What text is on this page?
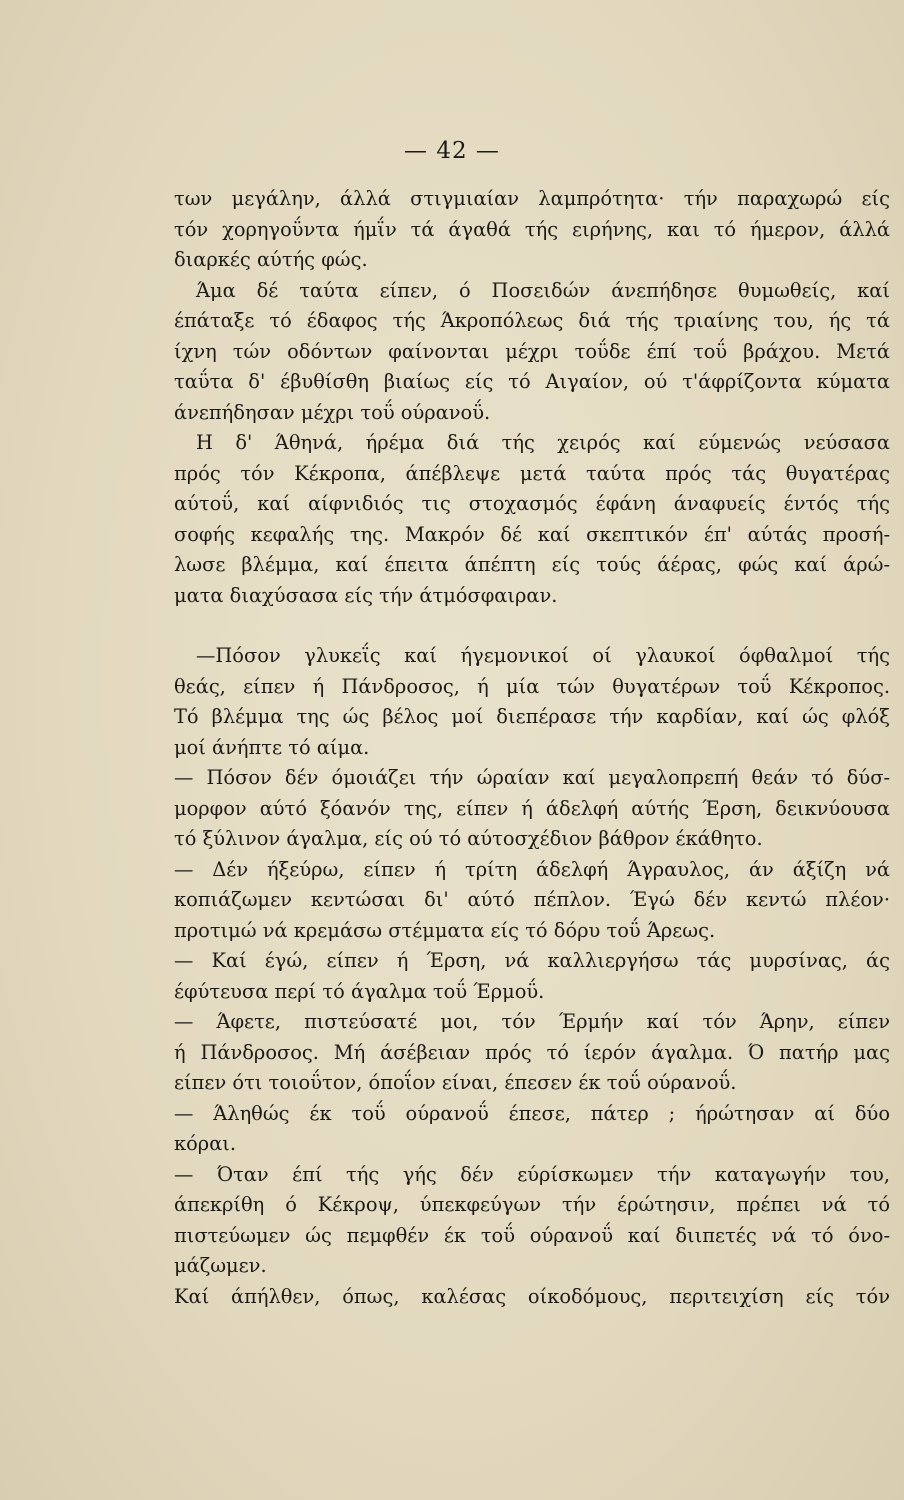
— 42 —
των μεγάλην, άλλά στιγμιαίαν λαμπρότητα· τήν παραχωρώ είς
τόν χορηγοΰντα ήμΐν τά άγαθά τής ειρήνης, και τό ήμερον, άλλά
διαρκές αύτής φώς.
Άμα δέ ταύτα είπεν, ό Ποσειδών άνεπήδησε θυμωθείς, καί
έπάταξε τό έδαφος τής Άκροπόλεως διά τής τριαίνης του, ής τά
ίχνη τών οδόντων φαίνονται μέχρι τοΰδε έπί τοΰ βράχου. Μετά
ταΰτα δ' έβυθίσθη βιαίως είς τό Αιγαίον, ού τ'άφρίζοντα κύματα
άνεπήδησαν μέχρι τοΰ ούρανοΰ.
Η δ' Άθηνά, ήρέμα διά τής χειρός καί εύμενώς νεύσασα
πρός τόν Κέκροπα, άπέβλεψε μετά ταύτα πρός τάς θυγατέρας
αύτοΰ, καί αίφνιδιός τις στοχασμός έφάνη άναφυείς έντός τής
σοφής κεφαλής της. Μακρόν δέ καί σκεπτικόν έπ' αύτάς προσή-
λωσε βλέμμα, καί έπειτα άπέπτη είς τούς άέρας, φώς καί άρώ-
ματα διαχύσασα είς τήν άτμόσφαιραν.
—Πόσον γλυκεΐς καί ήγεμονικοί οί γλαυκοί όφθαλμοί τής
θεάς, είπεν ή Πάνδροσος, ή μία τών θυγατέρων τοΰ Κέκροπος.
Τό βλέμμα της ώς βέλος μοί διεπέρασε τήν καρδίαν, καί ώς φλόξ
μοί άνήπτε τό αίμα.
— Πόσον δέν όμοιάζει τήν ώραίαν καί μεγαλοπρεπή θεάν τό δύσ-
μορφον αύτό ξόανόν της, είπεν ή άδελφή αύτής Έρση, δεικνύουσα
τό ξύλινον άγαλμα, είς ού τό αύτοσχέδιον βάθρον έκάθητο.
— Δέν ήξεύρω, είπεν ή τρίτη άδελφή Άγραυλος, άν άξίζη νά
κοπιάζωμεν κεντώσαι δι' αύτό πέπλον. Έγώ δέν κεντώ πλέον·
προτιμώ νά κρεμάσω στέμματα είς τό δόρυ τοΰ Άρεως.
— Καί έγώ, είπεν ή Έρση, νά καλλιεργήσω τάς μυρσίνας, άς
έφύτευσα περί τό άγαλμα τοΰ Έρμοΰ.
— Άφετε, πιστεύσατέ μοι, τόν Έρμήν καί τόν Άρην, είπεν
ή Πάνδροσος. Μή άσέβειαν πρός τό ίερόν άγαλμα. Ό πατήρ μας
είπεν ότι τοιοΰτον, όποΐον είναι, έπεσεν έκ τοΰ ούρανοΰ.
— Άληθώς έκ τοΰ ούρανοΰ έπεσε, πάτερ ; ήρώτησαν αί δύο
κόραι.
— Όταν έπί τής γής δέν εύρίσκωμεν τήν καταγωγήν του,
άπεκρίθη ό Κέκροψ, ύπεκφεύγων τήν έρώτησιν, πρέπει νά τό
πιστεύωμεν ώς πεμφθέν έκ τοΰ ούρανοΰ καί διιπετές νά τό όνο-
μάζωμεν.
Καί άπήλθεν, όπως, καλέσας οίκοδόμους, περιτειχίση είς τόν
